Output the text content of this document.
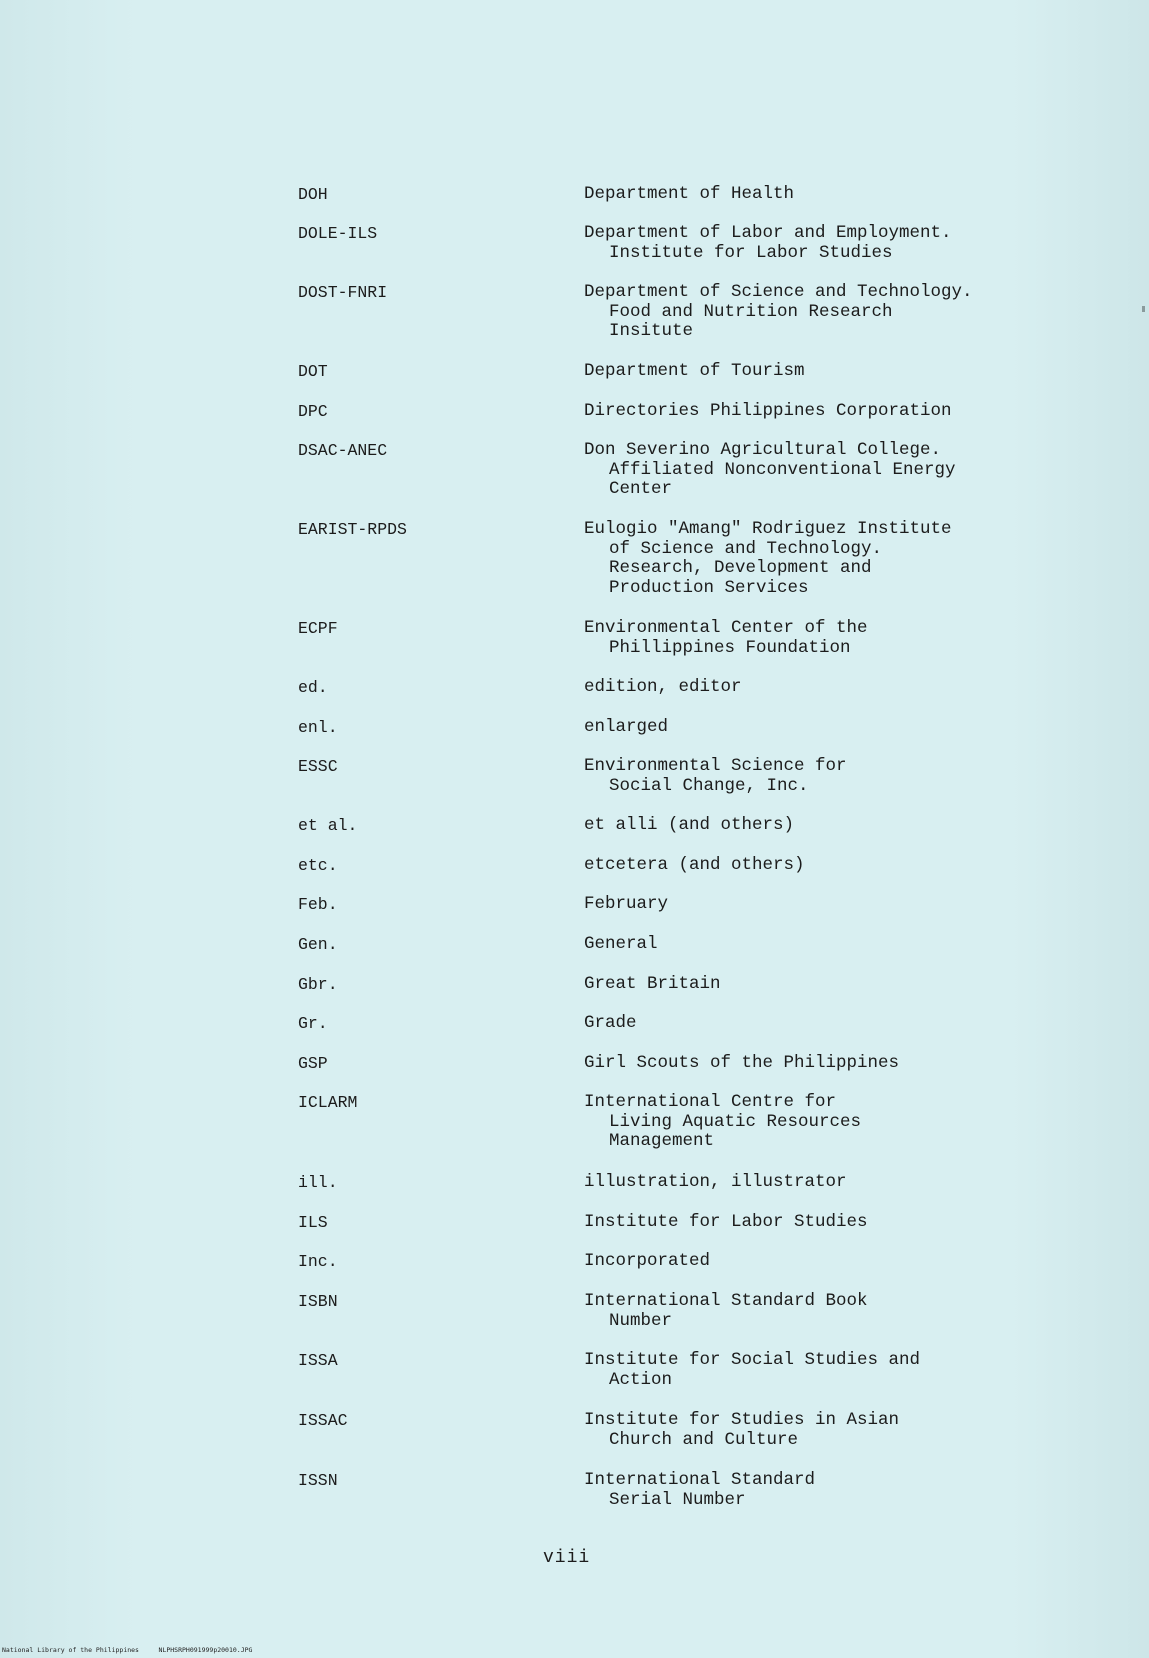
DOH	Department of Health
DOLE-ILS	Department of Labor and Employment.
Institute for Labor Studies
DOST-FNRI	Department of Science and Technology.
Food and Nutrition Research
Insitute
DOT	Department of Tourism
DPC	Directories Philippines Corporation
DSAC-ANEC	Don Severino Agricultural College.
Affiliated Nonconventional Energy
Center
EARIST-RPDS	Eulogio "Amang" Rodriguez Institute
of Science and Technology.
Research, Development and
Production Services
ECPF	Environmental Center of the
Phillippines Foundation
ed.	edition, editor
enl.	enlarged
ESSC	Environmental Science for
Social Change, Inc.
et al.	et alli (and others)
etc.	etcetera (and others)
Feb.	February
Gen.	General
Gbr.	Great Britain
Gr.	Grade
GSP	Girl Scouts of the Philippines
ICLARM	International Centre for
Living Aquatic Resources
Management
ill.	illustration, illustrator
ILS	Institute for Labor Studies
Inc.	Incorporated
ISBN	International Standard Book
Number
ISSA	Institute for Social Studies and
Action
ISSAC	Institute for Studies in Asian
Church and Culture
ISSN	International Standard
Serial Number
viii
National Library of the Philippines     NLPHSRPH091999p20010.JPG
